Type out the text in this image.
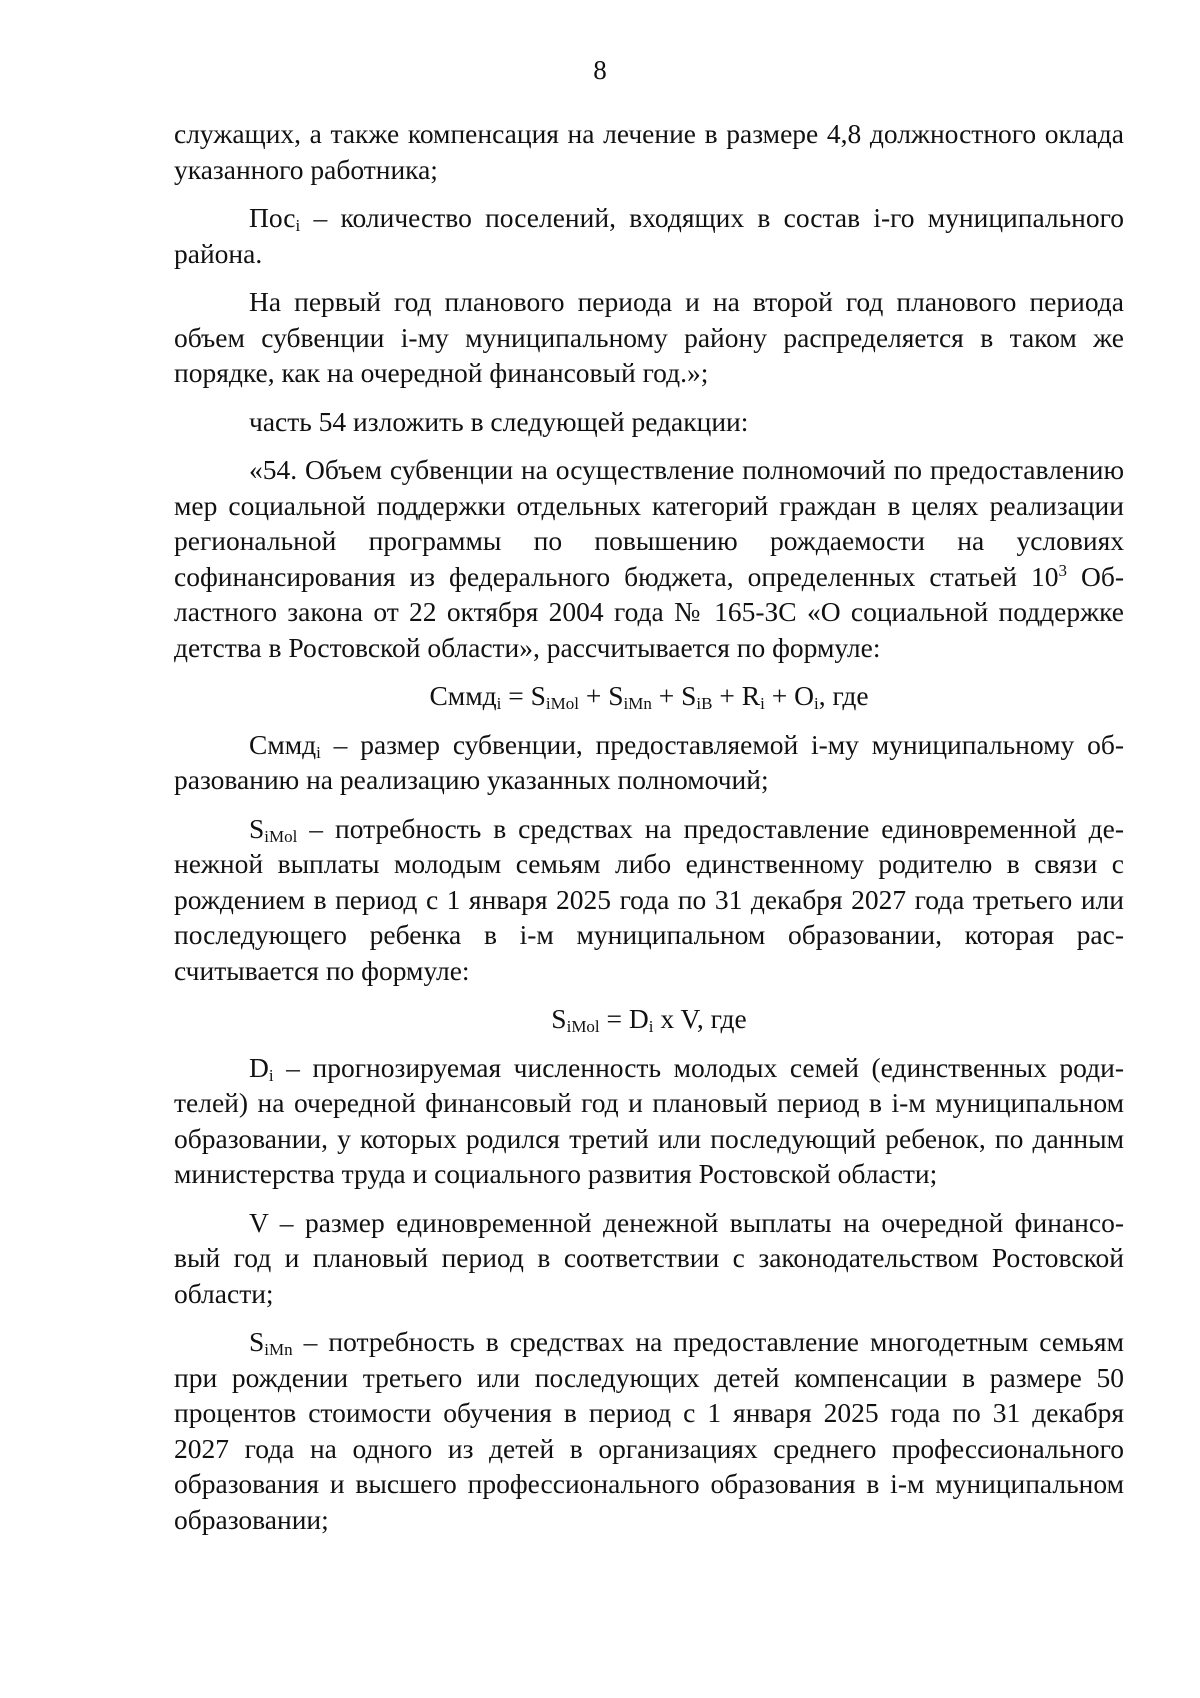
8

служащих, а также компенсация на лечение в размере 4,8 должностного оклада указанного работника;

Пос$_i$ – количество поселений, входящих в состав i-го муниципального района.

На первый год планового периода и на второй год планового периода объем субвенции i-му муниципальному району распределяется в таком же порядке, как на очередной финансовый год.»;

часть 54 изложить в следующей редакции:

«54. Объем субвенции на осуществление полномочий по предоставлению мер социальной поддержки отдельных категорий граждан в целях реализации региональной программы по повышению рождаемости на условиях софинансирования из федерального бюджета, определенных статьей $10^3$ Областного закона от 22 октября 2004 года № 165-ЗС «О социальной поддержке детства в Ростовской области», рассчитывается по формуле:

Cммд$_i$ = $S_{iMol} + S_{iMn} + S_{iB} + R_i + O_i$, где

Cммд$_i$ – размер субвенции, предоставляемой i-му муниципальному образованию на реализацию указанных полномочий;

$S_{iMol}$ – потребность в средствах на предоставление единовременной денежной выплаты молодым семьям либо единственному родителю в связи с рождением в период с 1 января 2025 года по 31 декабря 2027 года третьего или последующего ребенка в i-м муниципальном образовании, которая рассчитывается по формуле:

$S_{iMol} = D_i$ x V, где

$D_i$ – прогнозируемая численность молодых семей (единственных родителей) на очередной финансовый год и плановый период в i-м муниципальном образовании, у которых родился третий или последующий ребенок, по данным министерства труда и социального развития Ростовской области;

V – размер единовременной денежной выплаты на очередной финансовый год и плановый период в соответствии с законодательством Ростовской области;

$S_{iMn}$ – потребность в средствах на предоставление многодетным семьям при рождении третьего или последующих детей компенсации в размере 50 процентов стоимости обучения в период с 1 января 2025 года по 31 декабря 2027 года на одного из детей в организациях среднего профессионального образования и высшего профессионального образования в i-м муниципальном образовании;
